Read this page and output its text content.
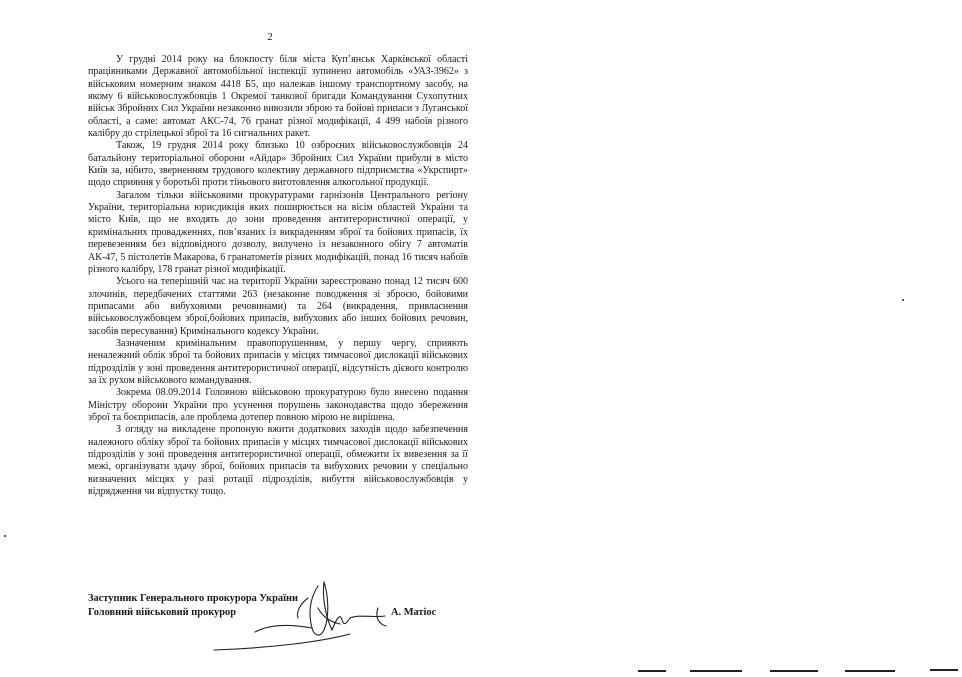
2

У грудні 2014 року на блокпосту біля міста Куп’янськ Харківської області працівниками Державної автомобільної інспекції зупинено автомобіль «УАЗ-3962» з військовим номерним знаком 4418 Б5, що належав іншому транспортному засобу, на якому 6 військовослужбовців 1 Окремої танкової бригади Командування Сухопутних військ Збройних Сил України незаконно вивозили зброю та бойові припаси з Луганської області, а саме: автомат АКС-74, 76 гранат різної модифікації, 4 499 набоїв різного калібру до стрілецької зброї та 16 сигнальних ракет.

Також, 19 грудня 2014 року близько 10 озброєних військовослужбовців 24 батальйону територіальної оборони «Айдар» Збройних Сил України прибули в місто Київ за, нібито, зверненням трудового колективу державного підприємства «Укрспирт» щодо сприяння у боротьбі проти тіньового виготовлення алкогольної продукції.

Загалом тільки військовими прокуратурами гарнізонів Центрального регіону України, територіальна юрисдикція яких поширюється на вісім областей України та місто Київ, що не входять до зони проведення антитерористичної операції, у кримінальних провадженнях, пов’язаних із викраденням зброї та бойових припасів, їх перевезенням без відповідного дозволу, вилучено із незаконного обігу 7 автоматів АК-47, 5 пістолетів Макарова, 6 гранатометів різних модифікацій, понад 16 тисяч набоїв різного калібру, 178 гранат різної модифікації.

Усього на теперішній час на території України зареєстровано понад 12 тисяч 600 злочинів, передбачених статтями 263 (незаконне поводження зі зброєю, бойовими припасами або вибуховими речовинами) та 264 (викрадення, привласнення військовослужбовцем зброї,бойових припасів, вибухових або інших бойових речовин, засобів пересування) Кримінального кодексу України.

Зазначеним кримінальним правопорушенням, у першу чергу, сприяють неналежний облік зброї та бойових припасів у місцях тимчасової дислокації військових підрозділів у зоні проведення антитерористичної операції, відсутність дієвого контролю за їх рухом військового командування.

Зокрема 08.09.2014 Головною військовою прокуратурою було внесено подання Міністру оборони України про усунення порушень законодавства щодо збереження зброї та боєприпасів, але проблема дотепер повною мірою не вирішена.

З огляду на викладене пропоную вжити додаткових заходів щодо забезпечення належного обліку зброї та бойових припасів у місцях тимчасової дислокації військових підрозділів у зоні проведення антитерористичної операції, обмежити їх вивезення за її межі, організувати здачу зброї, бойових припасів та вибухових речовин у спеціально визначених місцях у разі ротації підрозділів, вибуття військовослужбовців у відрядження чи відпустку тощо.

Заступник Генерального прокурора України
Головний військовий прокурор	А. Матіос
